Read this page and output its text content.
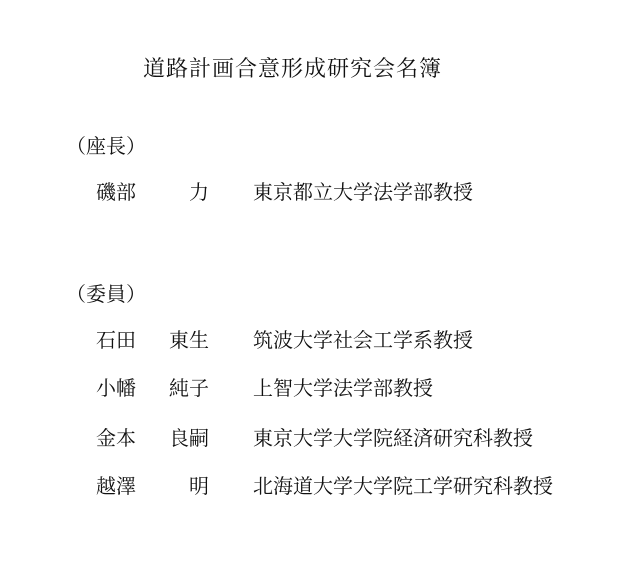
道路計画合意形成研究会名簿
（座長）
磯部	力 東京都立大学法学部教授
（委員）
石田 東生 筑波大学社会工学系教授
小幡 純子 上智大学法学部教授
金本 良嗣 東京大学大学院経済研究科教授
越澤	明 北海道大学大学院工学研究科教授
